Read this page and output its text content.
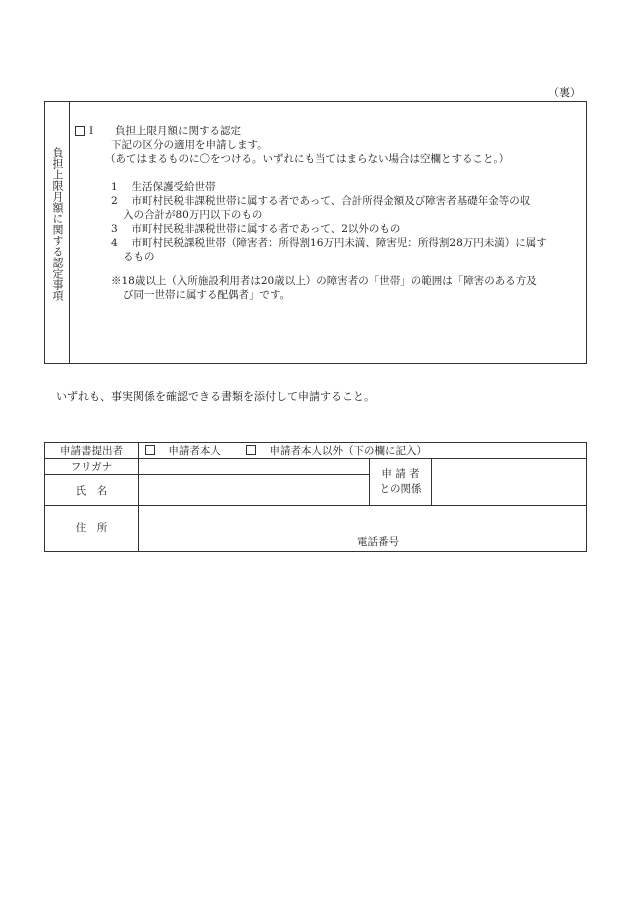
（裏）
負担上限月額に関する認定事項
I	負担上限月額に関する認定

下記の区分の適用を申請します。

（あてはまるものに〇をつける。いずれにも当てはまらない場合は空欄とすること。）

1　 生活保護受給世帯

2　 市町村民税非課税世帯に属する者であって、合計所得金額及び障害者基礎年金等の収

入の合計が80万円以下のもの

3　 市町村民税非課税世帯に属する者であって、2以外のもの

4　 市町村民税課税世帯（障害者：所得割16万円未満、障害児：所得割28万円未満）に属す

るもの

※18歳以上（入所施設利用者は20歳以上）の障害者の「世帯」の範囲は「障害のある方及

び同一世帯に属する配偶者」です。

いずれも、事実関係を確認できる書類を添付して申請すること。
申請書提出者	申請者本人 申請者本人以外（下の欄に記入）		
フリガナ		申 請 者
との関係	

氏　名			
住　所	電話番号		
